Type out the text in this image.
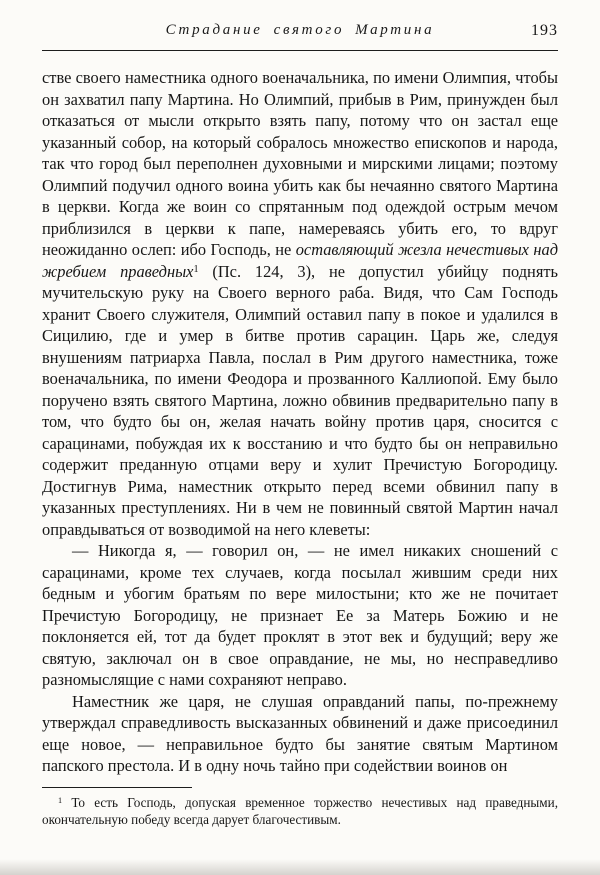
Страдание святого Мартина	193

стве своего наместника одного военачальника, по имени Олимпия, чтобы он захватил папу Мартина. Но Олимпий, прибыв в Рим, принужден был отказаться от мысли открыто взять папу, потому что он застал еще указанный собор, на который собралось множество епископов и народа, так что город был переполнен духовными и мирскими лицами; поэтому Олимпий подучил одного воина убить как бы нечаянно святого Мартина в церкви. Когда же воин со спрятанным под одеждой острым мечом приблизился в церкви к папе, намереваясь убить его, то вдруг неожиданно ослеп: ибо Господь, не оставляющий жезла нечестивых над жребием праведных$^1$ (Пс. 124, 3), не допустил убийцу поднять мучительскую руку на Своего верного раба. Видя, что Сам Господь хранит Своего служителя, Олимпий оставил папу в покое и удалился в Сицилию, где и умер в битве против сарацин. Царь же, следуя внушениям патриарха Павла, послал в Рим другого наместника, тоже военачальника, по имени Феодора и прозванного Каллиопой. Ему было поручено взять святого Мартина, ложно обвинив предварительно папу в том, что будто бы он, желая начать войну против царя, сносится с сарацинами, побуждая их к восстанию и что будто бы он неправильно содержит преданную отцами веру и хулит Пречистую Богородицу. Достигнув Рима, наместник открыто перед всеми обвинил папу в указанных преступлениях. Ни в чем не повинный святой Мартин начал оправдываться от возводимой на него клеветы:

— Никогда я, — говорил он, — не имел никаких сношений с сарацинами, кроме тех случаев, когда посылал жившим среди них бедным и убогим братьям по вере милостыни; кто же не почитает Пречистую Богородицу, не признает Ее за Матерь Божию и не поклоняется ей, тот да будет проклят в этот век и будущий; веру же святую, заключал он в свое оправдание, не мы, но несправедливо разномыслящие с нами сохраняют неправо.

Наместник же царя, не слушая оправданий папы, по-прежнему утверждал справедливость высказанных обвинений и даже присоединил еще новое, — неправильное будто бы занятие святым Мартином папского престола. И в одну ночь тайно при содействии воинов он

$^1$ То есть Господь, допуская временное торжество нечестивых над праведными, окончательную победу всегда дарует благочестивым.
